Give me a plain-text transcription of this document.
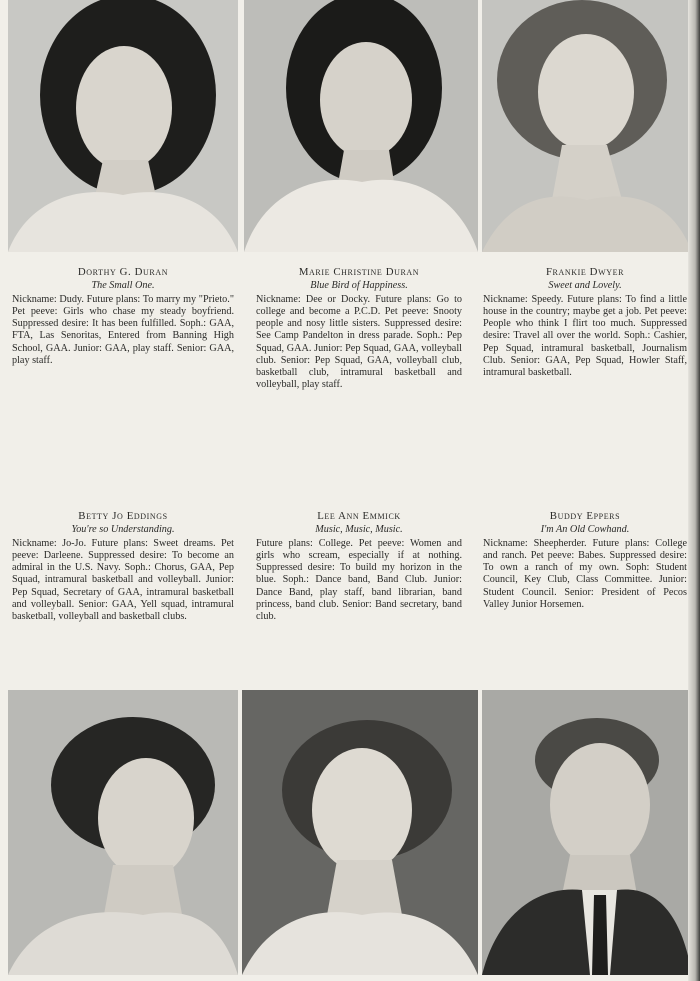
Dorthy G. Duran
The Small One.

Nickname: Dudy. Future plans: To marry my "Prieto." Pet peeve: Girls who chase my steady boyfriend. Suppressed desire: It has been fulfilled. Soph.: GAA, FTA, Las Senoritas, Entered from Banning High School, GAA. Junior: GAA, play staff. Senior: GAA, play staff.

Marie Christine Duran
Blue Bird of Happiness.

Nickname: Dee or Docky. Future plans: Go to college and become a P.C.D. Pet peeve: Snooty people and nosy little sisters. Suppressed desire: See Camp Pandelton in dress parade. Soph.: Pep Squad, GAA. Junior: Pep Squad, GAA, volleyball club. Senior: Pep Squad, GAA, volleyball club, basketball club, intramural basketball and volleyball, play staff.

Frankie Dwyer
Sweet and Lovely.

Nickname: Speedy. Future plans: To find a little house in the country; maybe get a job. Pet peeve: People who think I flirt too much. Suppressed desire: Travel all over the world. Soph.: Cashier, Pep Squad, intramural basketball, Journalism Club. Senior: GAA, Pep Squad, Howler Staff, intramural basketball.

Betty Jo Eddings
You're so Understanding.

Nickname: Jo-Jo. Future plans: Sweet dreams. Pet peeve: Darleene. Suppressed desire: To become an admiral in the U.S. Navy. Soph.: Chorus, GAA, Pep Squad, intramural basketball and volleyball. Junior: Pep Squad, Secretary of GAA, intramural basketball and volleyball. Senior: GAA, Yell squad, intramural basketball, volleyball and basketball clubs.

Lee Ann Emmick
Music, Music, Music.

Future plans: College. Pet peeve: Women and girls who scream, especially if at nothing. Suppressed desire: To build my horizon in the blue. Soph.: Dance band, Band Club. Junior: Dance Band, play staff, band librarian, band princess, band club. Senior: Band secretary, band club.

Buddy Eppers
I'm An Old Cowhand.

Nickname: Sheepherder. Future plans: College and ranch. Pet peeve: Babes. Suppressed desire: To own a ranch of my own. Soph: Student Council, Key Club, Class Committee. Junior: Student Council. Senior: President of Pecos Valley Junior Horsemen.
